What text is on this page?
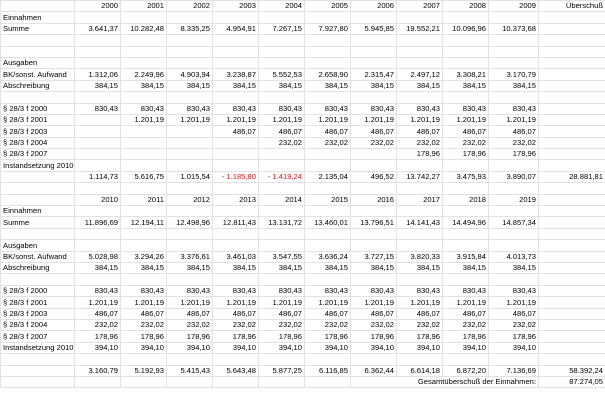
	2000	2001	2002	2003	2004	2005	2006	2007	2008	2009	Überschuß
Einnahmen											
Summe	3.641,37	10.282,48	8.335,25	4.954,91	7.267,15	7.927,80	5.945,85	19.552,21	10.096,96	10.373,68	

Ausgaben											
BK/sonst. Aufwand	1.312,06	2.249,96	4.903,94	3.238,87	5.552,53	2.658,90	2.315,47	2.497,12	3.308,21	3.170,79	
Abschreibung	384,15	384,15	384,15	384,15	384,15	384,15	384,15	384,15	384,15	384,15	

§ 28/3 f 2000	830,43	830,43	830,43	830,43	830,43	830,43	830,43	830,43	830,43	830,43	
§ 28/3 f 2001		1.201,19	1.201,19	1.201,19	1.201,19	1.201,19	1.201,19	1.201,19	1.201,19	1.201,19	
§ 28/3 f 2003				486,07	486,07	486,07	486,07	486,07	486,07	486,07	
§ 28/3 f 2004					232,02	232,02	232,02	232,02	232,02	232,02	
§ 28/3 f 2007								178,96	178,96	178,96	
Instandsetzung 2010											
	1.114,73	5.616,75	1.015,54	- 1.185,80	- 1.419,24	2.135,04	496,52	13.742,27	3.475,93	3.890,07	28.881,81

	2010	2011	2012	2013	2014	2015	2016	2017	2018	2019	
Einnahmen											
Summe	11.896,69	12.194,11	12.498,96	12.811,43	13.131,72	13.460,01	13.796,51	14.141,43	14.494,96	14.857,34	

Ausgaben											
BK/sonst. Aufwand	5.028,98	3.294,26	3.376,61	3.461,03	3.547,55	3.636,24	3.727,15	3.820,33	3.915,84	4.013,73	
Abschreibung	384,15	384,15	384,15	384,15	384,15	384,15	384,15	384,15	384,15	384,15	

§ 28/3 f 2000	830,43	830,43	830,43	830,43	830,43	830,43	830,43	830,43	830,43	830,43	
§ 28/3 f 2001	1.201,19	1.201,19	1.201,19	1.201,19	1.201,19	1.201,19	1.201,19	1.201,19	1.201,19	1.201,19	
§ 28/3 f 2003	486,07	486,07	486,07	486,07	486,07	486,07	486,07	486,07	486,07	486,07	
§ 28/3 f 2004	232,02	232,02	232,02	232,02	232,02	232,02	232,02	232,02	232,02	232,02	
§ 28/3 f 2007	178,96	178,96	178,96	178,96	178,96	178,96	178,96	178,96	178,96	178,96	
Instandsetzung 2010	394,10	394,10	394,10	394,10	394,10	394,10	394,10	394,10	394,10	394,10	

	3.160,79	5.192,93	5.415,43	5.643,48	5.877,25	6.116,85	6.362,44	6.614,18	6.872,20	7.136,69	58.392,24
							Gesamtüberschuß der Einnahmen:				87.274,05
